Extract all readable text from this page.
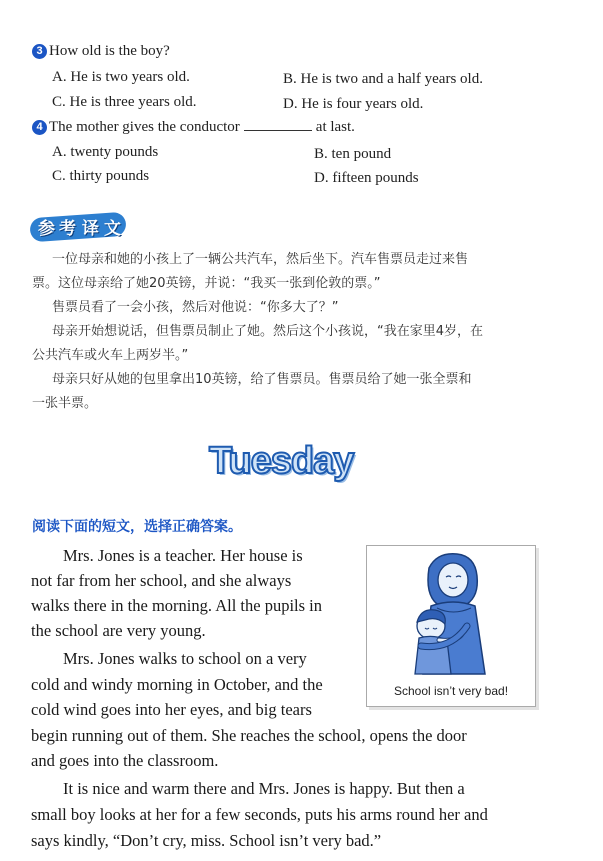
3 How old is the boy?
A. He is two years old.	B. He is two and a half years old.
C. He is three years old.	D. He is four years old.
4 The mother gives the conductor	at last.
A. twenty pounds	B. ten pound
C. thirty pounds	D. fifteen pounds
参 考 译 文
一位母亲和她的小孩上了一辆公共汽车，然后坐下。汽车售票员走过来售
票。这位母亲给了她20英镑，并说：“我买一张到伦敦的票。”
售票员看了一会小孩，然后对他说：“你多大了？”
母亲开始想说话，但售票员制止了她。然后这个小孩说，“我在家里4岁，在
公共汽车或火车上两岁半。”
母亲只好从她的包里拿出10英镑，给了售票员。售票员给了她一张全票和
一张半票。
Tuesday
阅读下面的短文，选择正确答案。
Mrs. Jones is a teacher. Her house is
not far from her school, and she always
walks there in the morning. All the pupils in
the school are very young.
Mrs. Jones walks to school on a very
cold and windy morning in October, and the
cold wind goes into her eyes, and big tears
begin running out of them. She reaches the school, opens the door
and goes into the classroom.
It is nice and warm there and Mrs. Jones is happy. But then a
small boy looks at her for a few seconds, puts his arms round her and
says kindly, “Don’t cry, miss. School isn’t very bad.”
School isn’t very bad!
